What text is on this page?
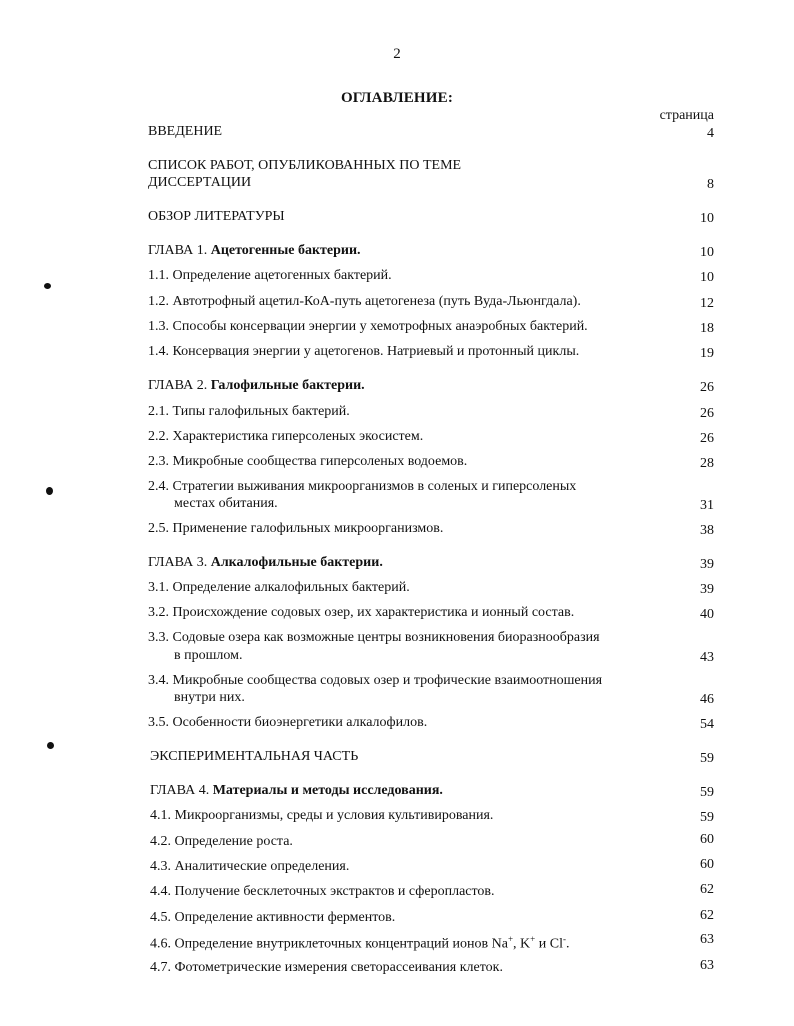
2
ОГЛАВЛЕНИЕ:
страница
ВВЕДЕНИЕ	4
СПИСОК РАБОТ, ОПУБЛИКОВАННЫХ ПО ТЕМЕ
ДИССЕРТАЦИИ	8
ОБЗОР ЛИТЕРАТУРЫ	10
ГЛАВА 1. Ацетогенные бактерии.	10
1.1. Определение ацетогенных бактерий.	10
1.2. Автотрофный ацетил-КоА-путь ацетогенеза (путь Вуда-Льюнгдала).	12
1.3. Способы консервации энергии у хемотрофных анаэробных бактерий.	18
1.4. Консервация энергии у ацетогенов. Натриевый и протонный циклы.	19
ГЛАВА 2. Галофильные бактерии.	26
2.1. Типы галофильных бактерий.	26
2.2. Характеристика гиперсоленых экосистем.	26
2.3. Микробные сообщества гиперсоленых водоемов.	28
2.4. Стратегии выживания микроорганизмов в соленых и гиперсоленых
местах обитания.	31
2.5. Применение галофильных микроорганизмов.	38
ГЛАВА 3. Алкалофильные бактерии.	39
3.1. Определение алкалофильных бактерий.	39
3.2. Происхождение содовых озер, их характеристика и ионный состав.	40
3.3. Содовые озера как возможные центры возникновения биоразнообразия
в прошлом.	43
3.4. Микробные сообщества содовых озер и трофические взаимоотношения
внутри них.	46
3.5. Особенности биоэнергетики алкалофилов.	54
ЭКСПЕРИМЕНТАЛЬНАЯ ЧАСТЬ	59
ГЛАВА 4. Материалы и методы исследования.	59
4.1. Микроорганизмы, среды и условия культивирования.	59
4.2. Определение роста.	60
4.3. Аналитические определения.	60
4.4. Получение бесклеточных экстрактов и сферопластов.	62
4.5. Определение активности ферментов.	62
4.6. Определение внутриклеточных концентраций ионов Na+, K+ и Cl-.	63
4.7. Фотометрические измерения светорассеивания клеток.	63
